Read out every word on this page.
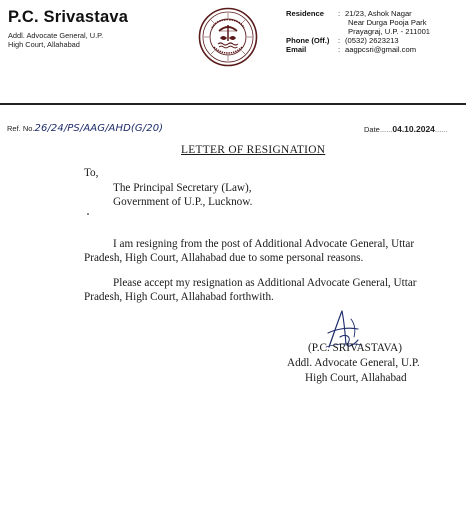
P.C. Srivastava
Addl. Advocate General, U.P.
High Court, Allahabad
Residence : 21/23, Ashok Nagar
Near Durga Pooja Park
Prayagraj, U.P. - 211001
Phone (Off.) : (0532) 2623213
Email	: aagpcsri@gmail.com
Ref. No.26/24/PS/AAG/AHD(G/20)	Date......04.10.2024......
LETTER OF RESIGNATION
To,
The Principal Secretary (Law),
Government of U.P., Lucknow.
I am resigning from the post of Additional Advocate General, Uttar
Pradesh, High Court, Allahabad due to some personal reasons.
Please accept my resignation as Additional Advocate General, Uttar
Pradesh, High Court, Allahabad forthwith.
(P.C. SRIVASTAVA)
Addl. Advocate General, U.P.
High Court, Allahabad
